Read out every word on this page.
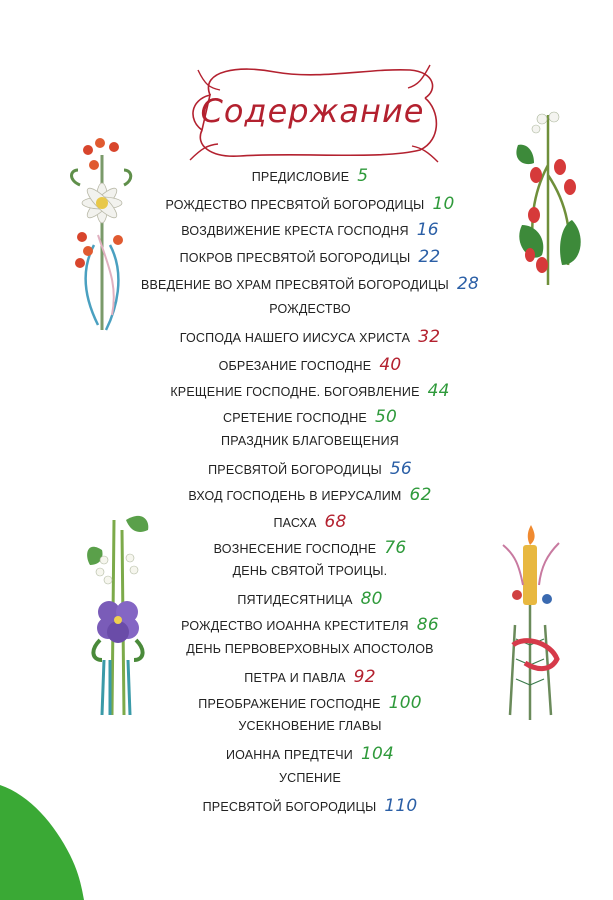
Содержание
ПРЕДИСЛОВИЕ 5
РОЖДЕСТВО ПРЕСВЯТОЙ БОГОРОДИЦЫ 10
ВОЗДВИЖЕНИЕ КРЕСТА ГОСПОДНЯ 16
ПОКРОВ ПРЕСВЯТОЙ БОГОРОДИЦЫ 22
ВВЕДЕНИЕ ВО ХРАМ ПРЕСВЯТОЙ БОГОРОДИЦЫ 28
РОЖДЕСТВО
ГОСПОДА НАШЕГО ИИСУСА ХРИСТА 32
ОБРЕЗАНИЕ ГОСПОДНЕ 40
КРЕЩЕНИЕ ГОСПОДНЕ. БОГОЯВЛЕНИЕ 44
СРЕТЕНИЕ ГОСПОДНЕ 50
ПРАЗДНИК БЛАГОВЕЩЕНИЯ
ПРЕСВЯТОЙ БОГОРОДИЦЫ 56
ВХОД ГОСПОДЕНЬ В ИЕРУСАЛИМ 62
ПАСХА 68
ВОЗНЕСЕНИЕ ГОСПОДНЕ 76
ДЕНЬ СВЯТОЙ ТРОИЦЫ.
ПЯТИДЕСЯТНИЦА 80
РОЖДЕСТВО ИОАННА КРЕСТИТЕЛЯ 86
ДЕНЬ ПЕРВОВЕРХОВНЫХ АПОСТОЛОВ
ПЕТРА И ПАВЛА 92
ПРЕОБРАЖЕНИЕ ГОСПОДНЕ 100
УСЕКНОВЕНИЕ ГЛАВЫ
ИОАННА ПРЕДТЕЧИ 104
УСПЕНИЕ
ПРЕСВЯТОЙ БОГОРОДИЦЫ 110
